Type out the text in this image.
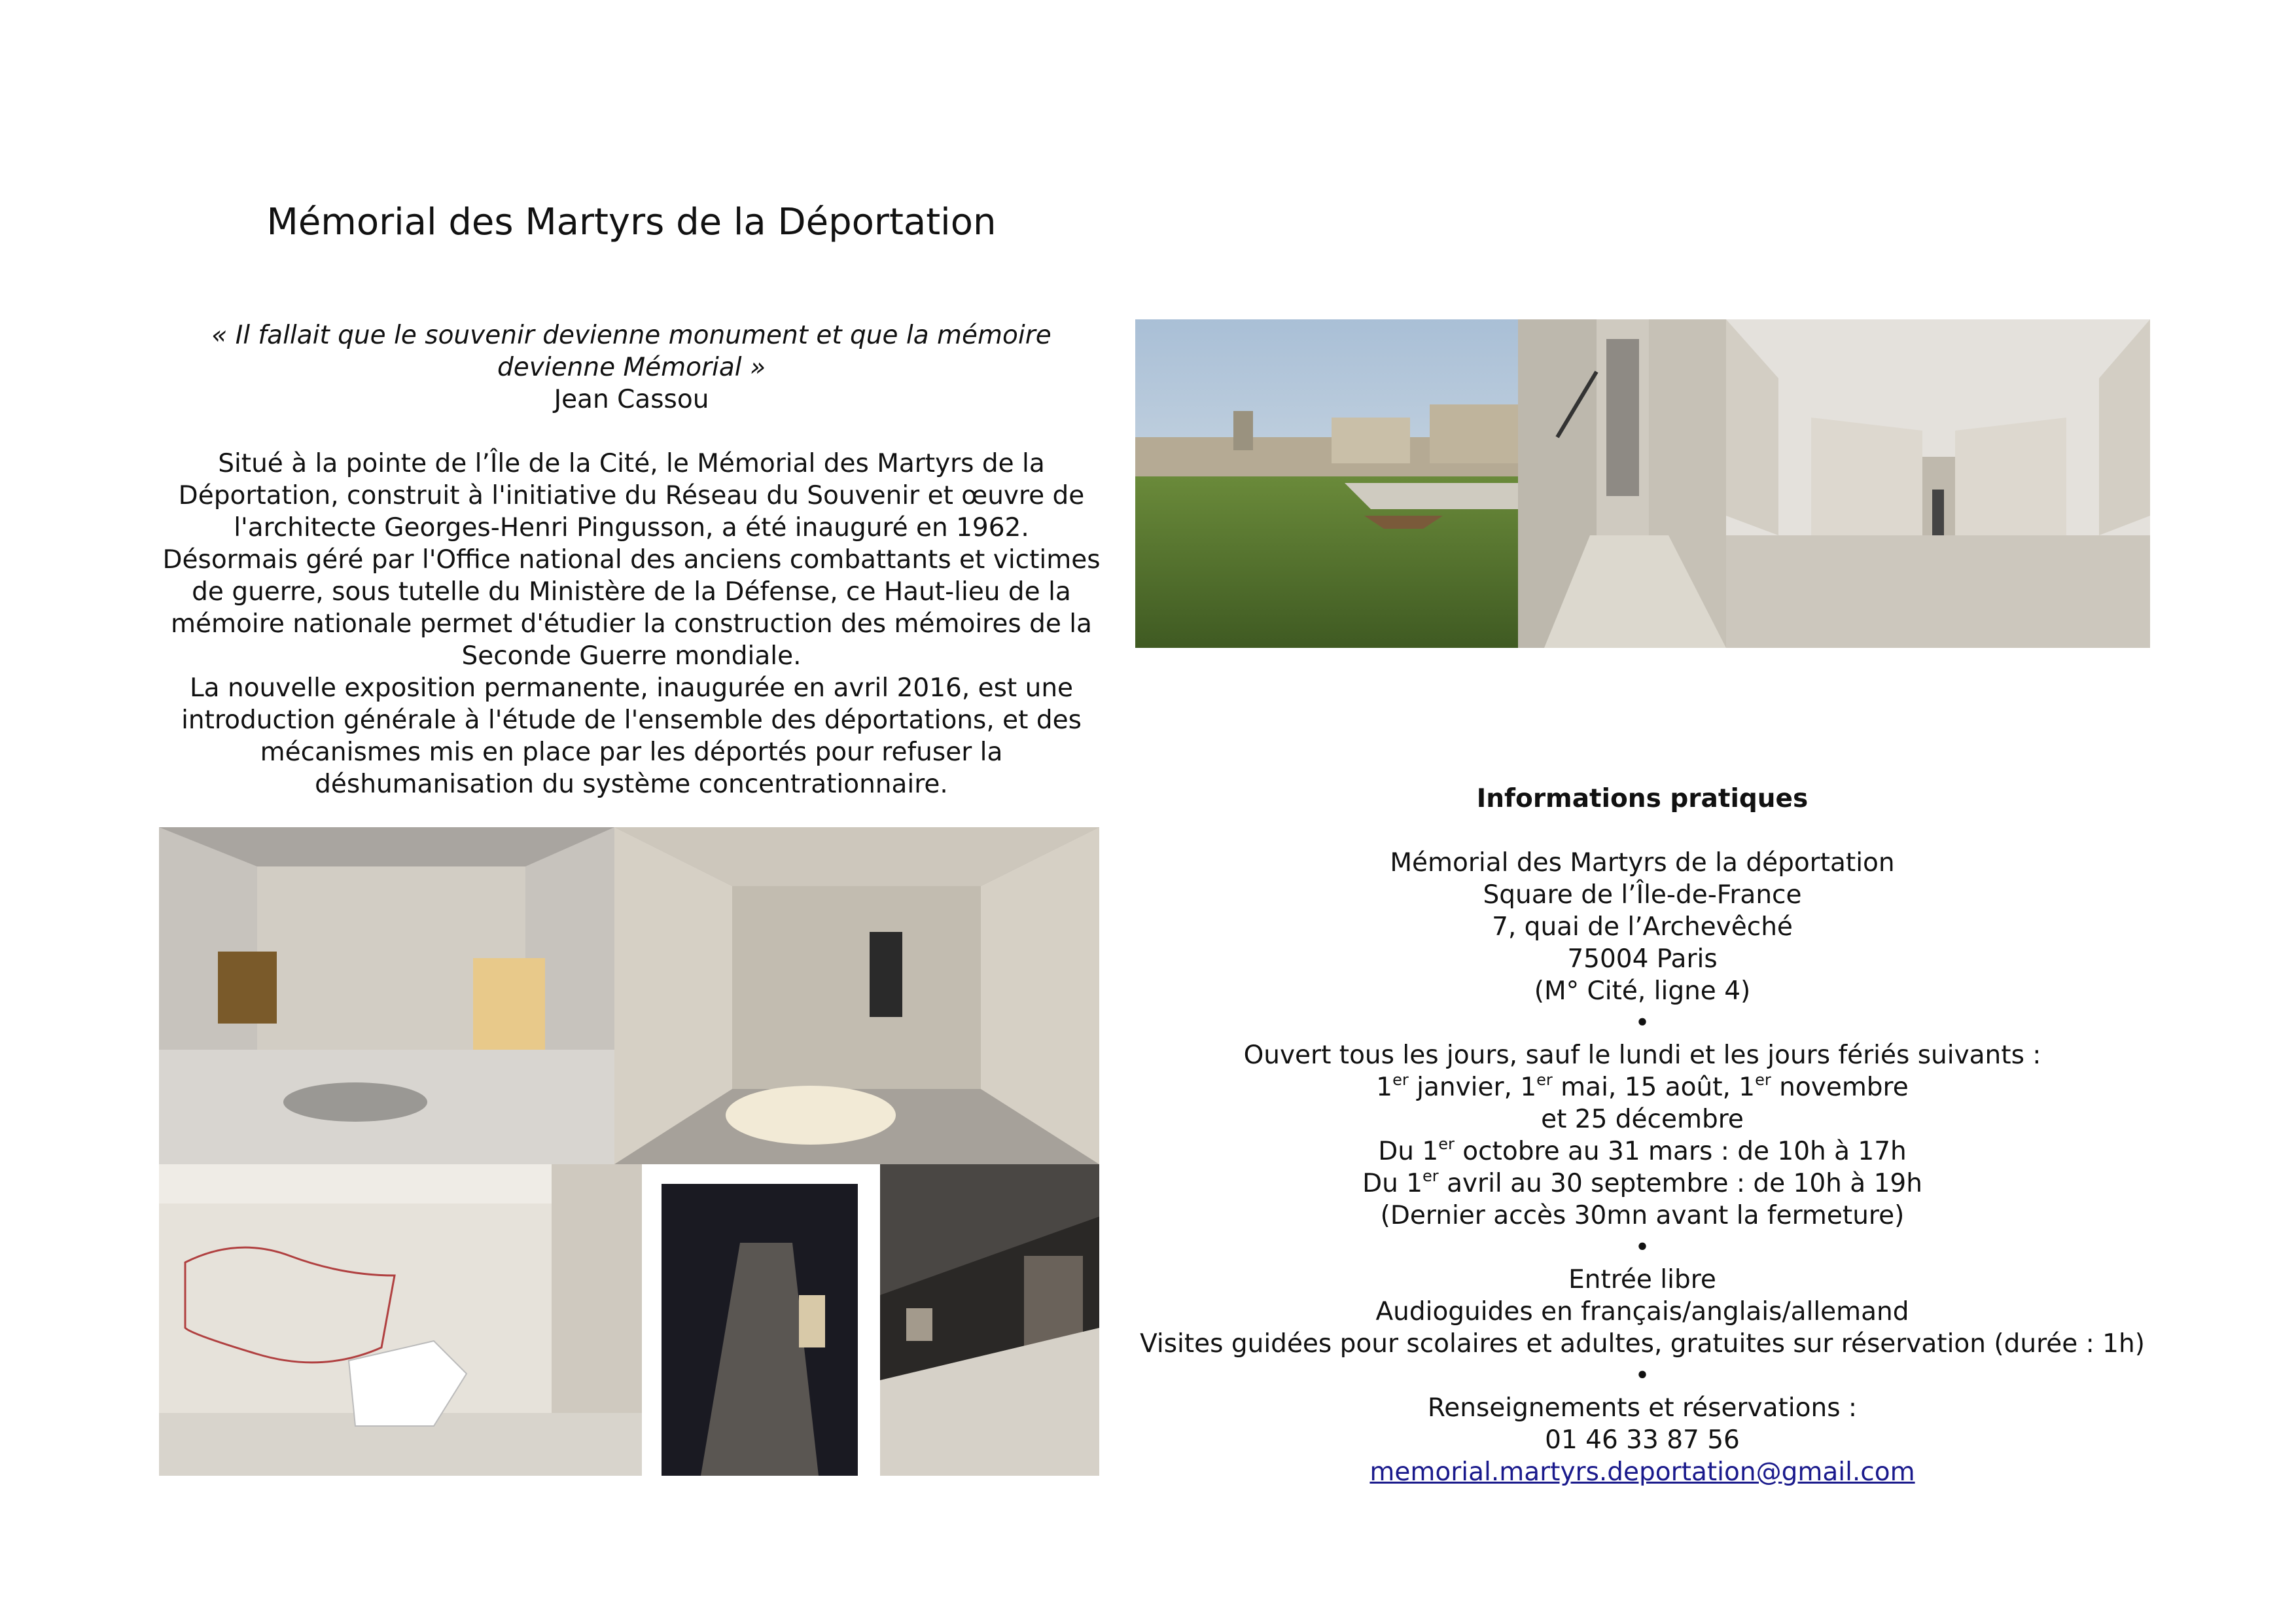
Mémorial des Martyrs de la Déportation
« Il fallait que le souvenir devienne monument et que la mémoire devienne Mémorial »
Jean Cassou

Situé à la pointe de l’Île de la Cité, le Mémorial des Martyrs de la Déportation, construit à l'initiative du Réseau du Souvenir et œuvre de l'architecte Georges-Henri Pingusson, a été inauguré en 1962.

Désormais géré par l'Office national des anciens combattants et victimes de guerre, sous tutelle du Ministère de la Défense, ce Haut-lieu de la mémoire nationale permet d'étudier la construction des mémoires de la Seconde Guerre mondiale.

La nouvelle exposition permanente, inaugurée en avril 2016, est une introduction générale à l'étude de l'ensemble des déportations, et des mécanismes mis en place par les déportés pour refuser la déshumanisation du système concentrationnaire.	Informations pratiques

Mémorial des Martyrs de la déportation

Square de l’Île-de-France

7, quai de l’Archevêché

75004 Paris

(M° Cité, ligne 4)

•

Ouvert tous les jours, sauf le lundi et les jours fériés suivants :

1er janvier, 1er mai, 15 août, 1er novembre

et 25 décembre

Du 1er octobre au 31 mars : de 10h à 17h

Du 1er avril au 30 septembre : de 10h à 19h

(Dernier accès 30mn avant la fermeture)

•

Entrée libre

Audioguides en français/anglais/allemand

Visites guidées pour scolaires et adultes, gratuites sur réservation (durée : 1h)

•

Renseignements et réservations :

01 46 33 87 56

memorial.martyrs.deportation@gmail.com
